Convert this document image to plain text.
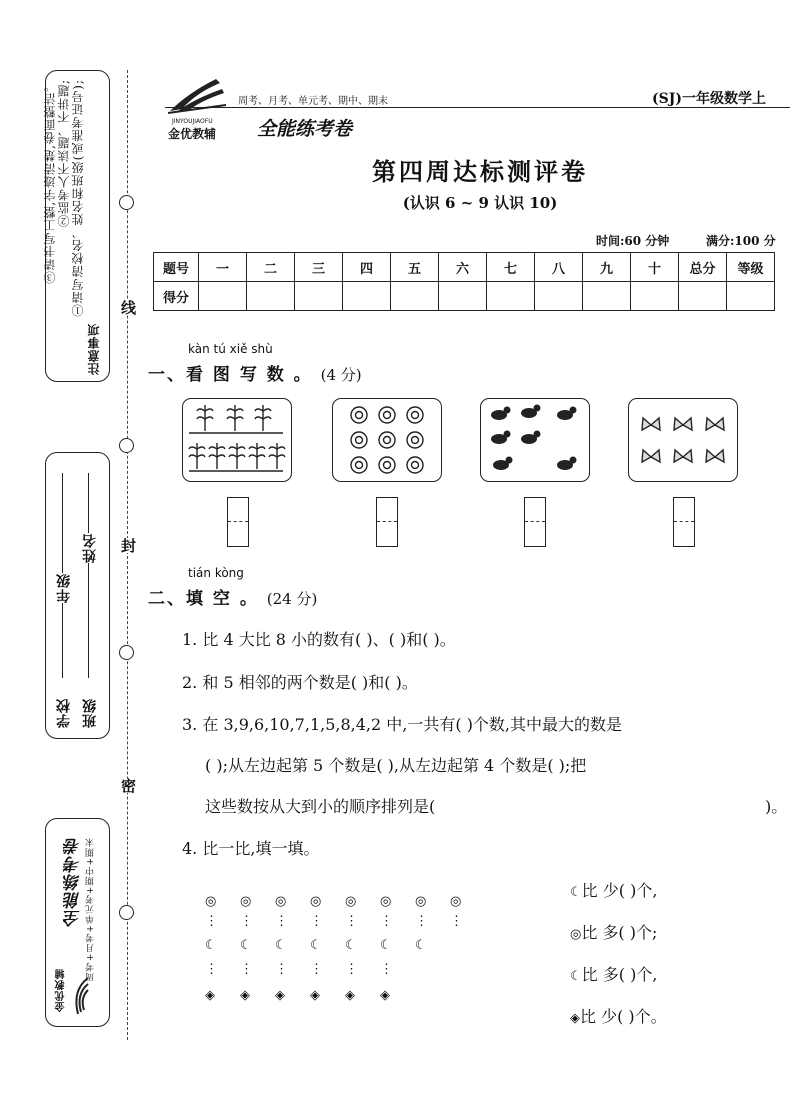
注意事项
①请写清校名、姓名和班级(或准考证号);
②监考人不读题、不讲题;
③请书写工整,字迹清楚,卷面整洁。
学校
年级
班级
姓名
周考+月考+单元考+期中+期末
全能练考卷
金优教辅
线
封
密
JINYOUJIAOFU
金优教辅
周考、月考、单元考、期中、期末	(SJ)一年级数学上
全能练考卷
第四周达标测评卷
(认识 6 ~ 9 认识 10)
时间:60 分钟	满分:100 分
题号	一	二	三	四	五	六	七	八	九	十	总分	等级
得分												
kàn tú xiě shù
一、看 图 写 数 。 (4 分)
tián kòng
二、填 空 。 (24 分)
1. 比 4 大比 8 小的数有( )、( )和( )。
2. 和 5 相邻的两个数是( )和( )。
3. 在 3,9,6,10,7,1,5,8,4,2 中,一共有( )个数,其中最大的数是
( );从左边起第 5 个数是( ),从左边起第 4 个数是( );把
这些数按从大到小的顺序排列是(	)。
4. 比一比,填一填。
◎ ◎ ◎ ◎ ◎ ◎ ◎ ◎
⋮ ⋮ ⋮ ⋮ ⋮ ⋮ ⋮ ⋮
☾ ☾ ☾ ☾ ☾ ☾ ☾
⋮ ⋮ ⋮ ⋮ ⋮ ⋮
◈ ◈ ◈ ◈ ◈ ◈
☾比 少( )个,
◎比 多( )个;
☾比 多( )个,
◈比 少( )个。
